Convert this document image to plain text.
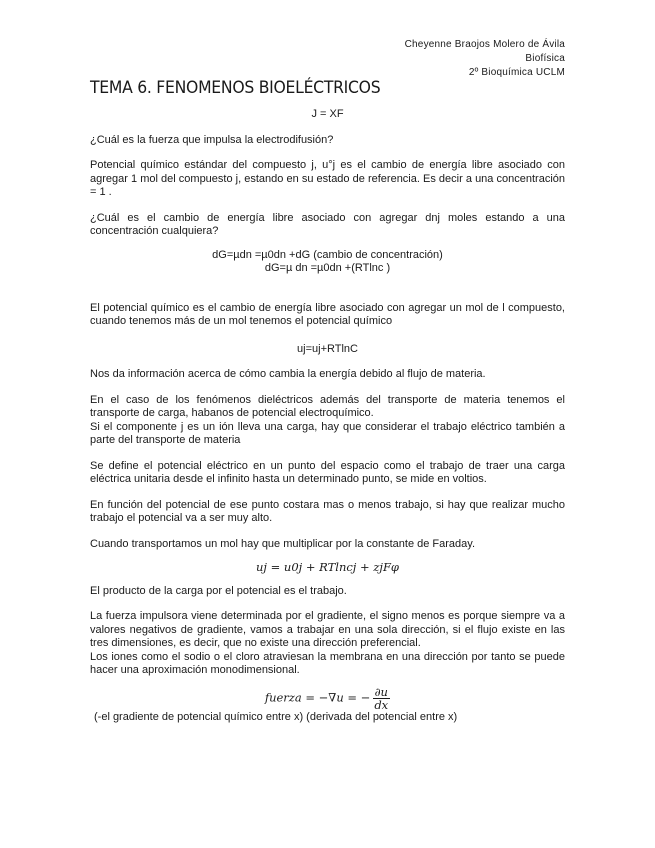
Cheyenne Braojos Molero de Ávila
Biofísica
2º Bioquímica UCLM
TEMA 6. FENOMENOS BIOELÉCTRICOS

J = XF

¿Cuál es la fuerza que impulsa la electrodifusión?

Potencial químico estándar del compuesto j, u°j es el cambio de energía libre asociado con agregar 1 mol del compuesto j, estando en su estado de referencia. Es decir a una concentración = 1 .

¿Cuál es el cambio de energía libre asociado con agregar dnj moles estando a una concentración cualquiera?

dG=µdn =µ0dn +dG (cambio de concentración)

dG=µ dn =µ0dn +(RTlnc )

El potencial químico es el cambio de energía libre asociado con agregar un mol de l compuesto, cuando tenemos más de un mol tenemos el potencial químico

uj=uj+RTlnC

Nos da información acerca de cómo cambia la energía debido al flujo de materia.

En el caso de los fenómenos dieléctricos además del transporte de materia tenemos el transporte de carga, habanos de potencial electroquímico.

Si el componente j es un ión lleva una carga, hay que considerar el trabajo eléctrico también a parte del transporte de materia

Se define el potencial eléctrico en un punto del espacio como el trabajo de traer una carga eléctrica unitaria desde el infinito hasta un determinado punto, se mide en voltios.

En función del potencial de ese punto costara mas o menos trabajo, si hay que realizar mucho trabajo el potencial va a ser muy alto.

Cuando transportamos un mol hay que multiplicar por la constante de Faraday.

uj = u0j + RTlncj + zjFφ

El producto de la carga por el potencial es el trabajo.

La fuerza impulsora viene determinada por el gradiente, el signo menos es porque siempre va a valores negativos de gradiente, vamos a trabajar en una sola dirección, si el flujo existe en las tres dimensiones, es decir, que no existe una dirección preferencial.

Los iones como el sodio o el cloro atraviesan la membrana en una dirección por tanto se puede hacer una aproximación monodimensional.

fuerza = −∇u = − $\frac{\partial u}{dx}$

(-el gradiente de potencial químico entre x) (derivada del potencial entre x)
